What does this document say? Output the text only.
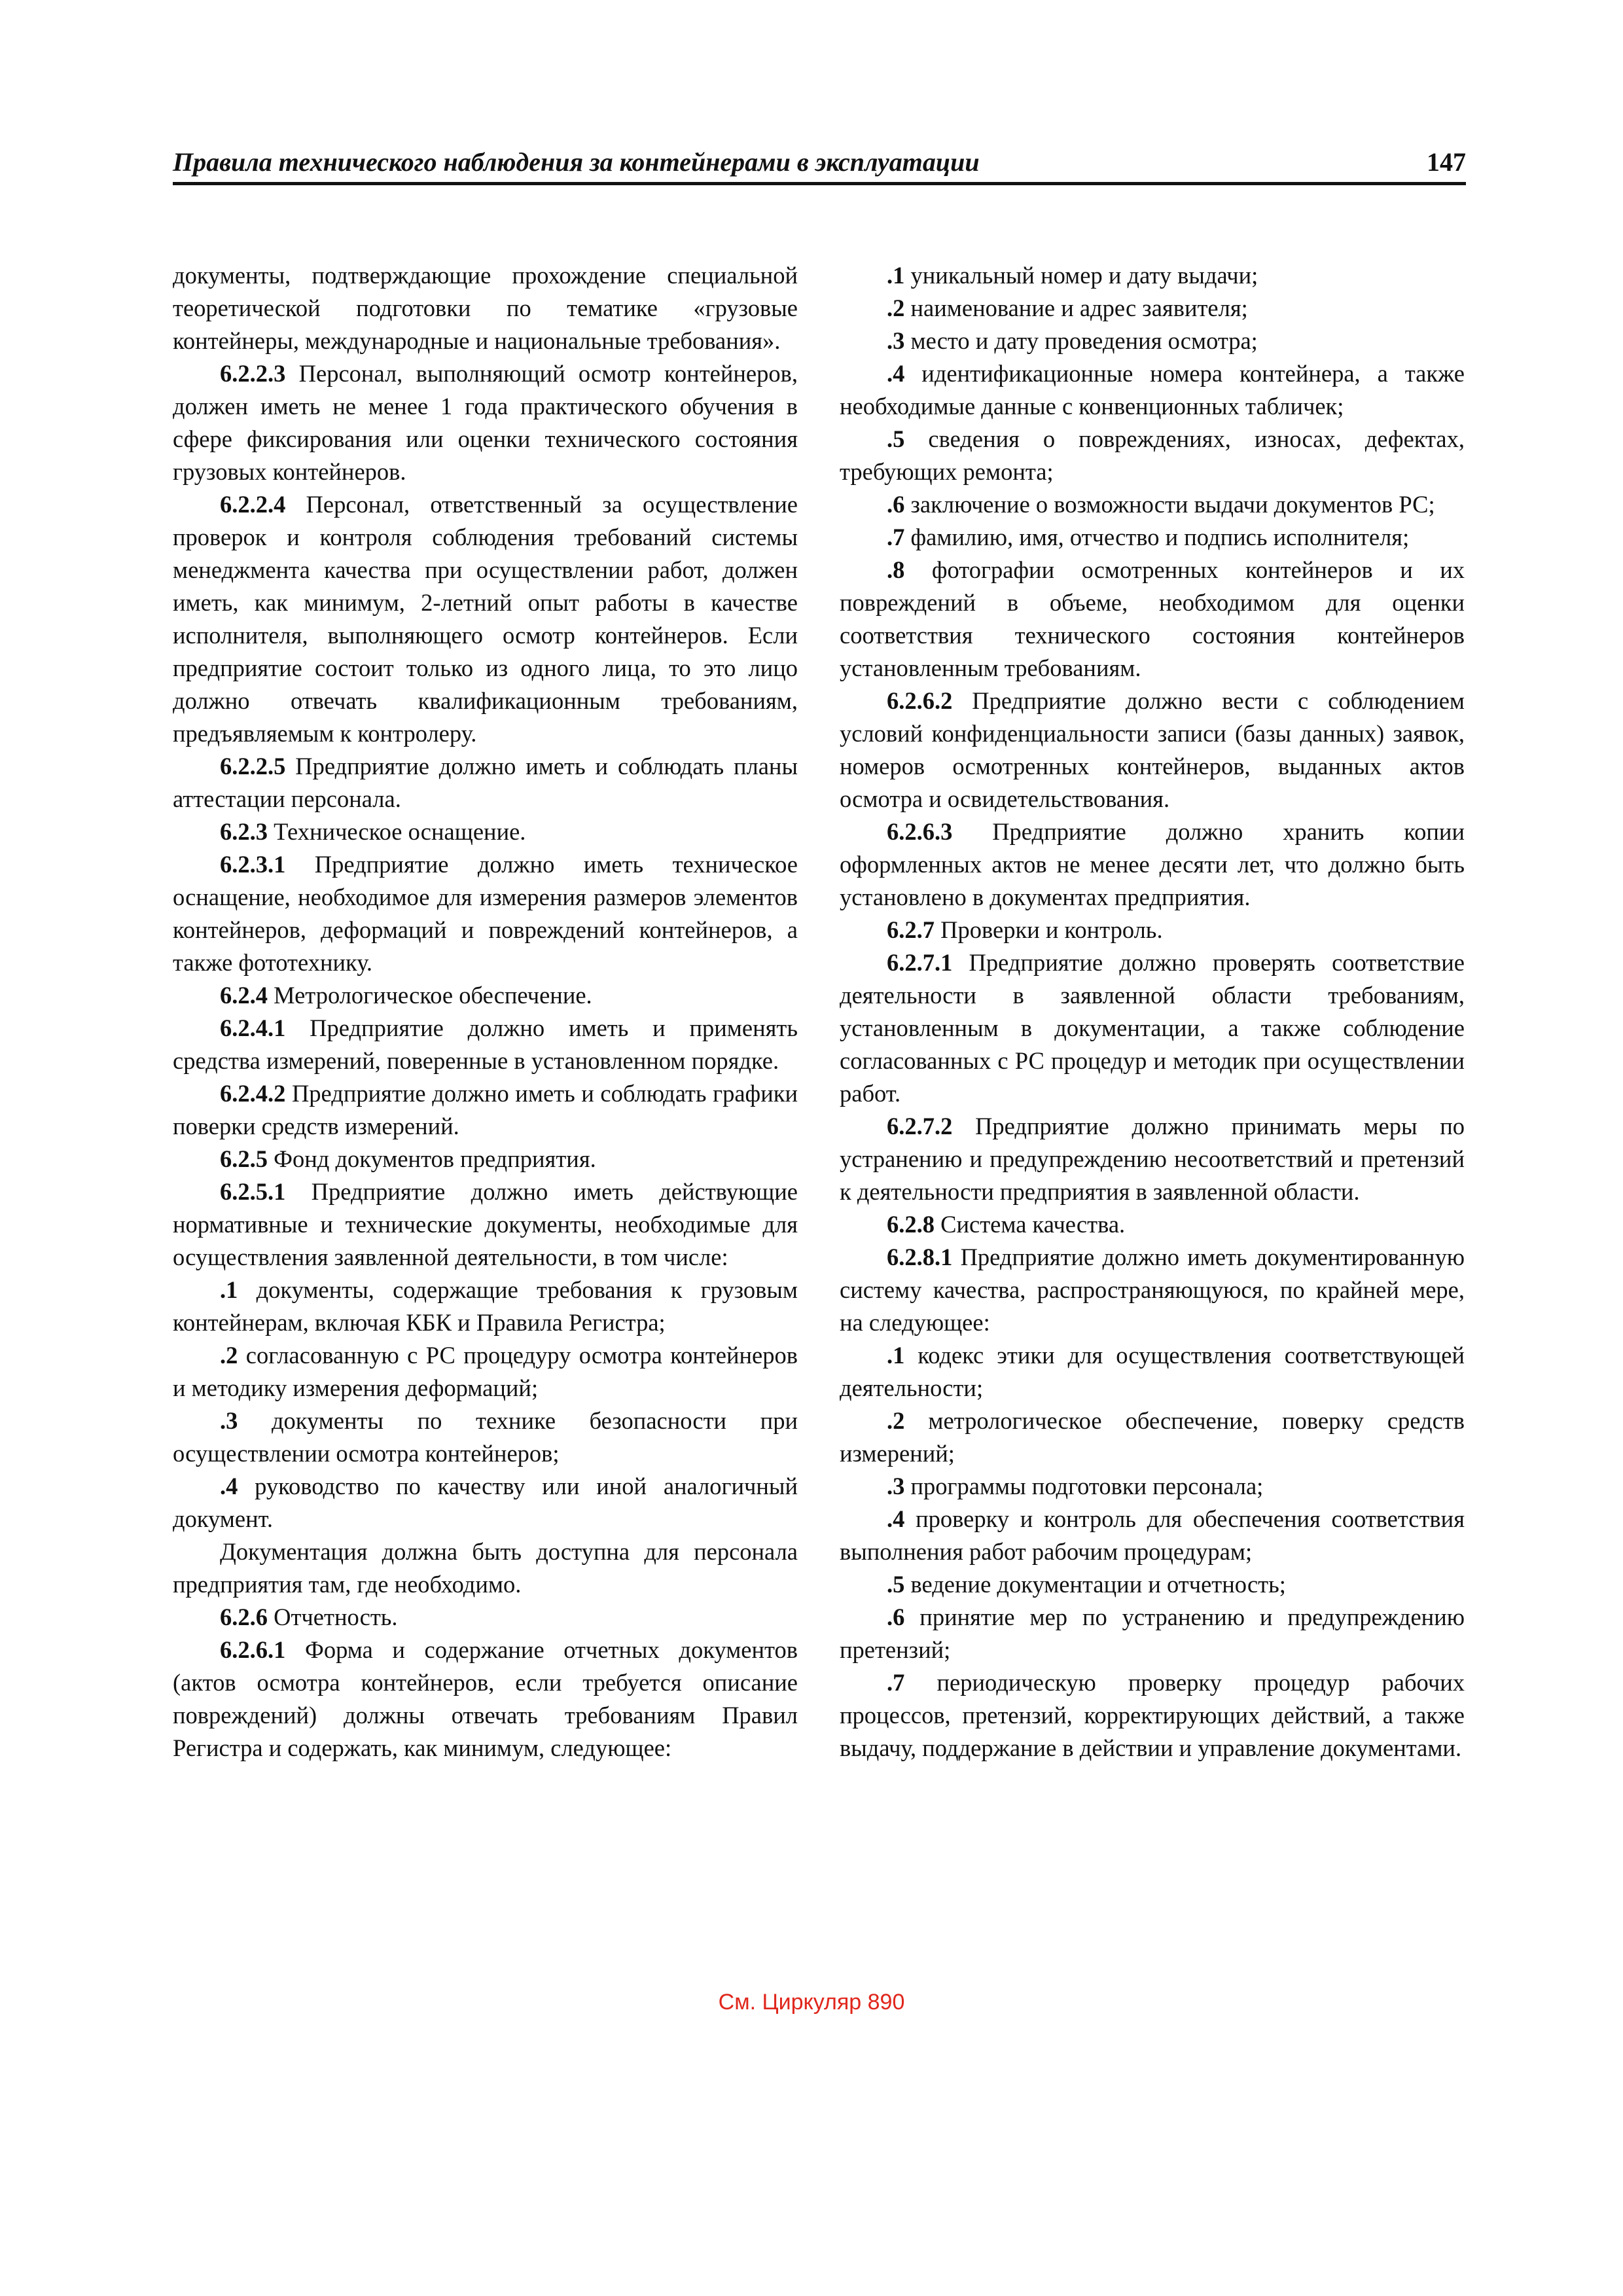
Правила технического наблюдения за контейнерами в эксплуатации	147

документы, подтверждающие прохождение специальной теоретической подготовки по тематике «грузовые контейнеры, международные и национальные требования».

6.2.2.3 Персонал, выполняющий осмотр контейнеров, должен иметь не менее 1 года практического обучения в сфере фиксирования или оценки технического состояния грузовых контейнеров.

6.2.2.4 Персонал, ответственный за осуществление проверок и контроля соблюдения требований системы менеджмента качества при осуществлении работ, должен иметь, как минимум, 2-летний опыт работы в качестве исполнителя, выполняющего осмотр контейнеров. Если предприятие состоит только из одного лица, то это лицо должно отвечать квалификационным требованиям, предъявляемым к контролеру.

6.2.2.5 Предприятие должно иметь и соблюдать планы аттестации персонала.

6.2.3 Техническое оснащение.

6.2.3.1 Предприятие должно иметь техническое оснащение, необходимое для измерения размеров элементов контейнеров, деформаций и повреждений контейнеров, а также фототехнику.

6.2.4 Метрологическое обеспечение.

6.2.4.1 Предприятие должно иметь и применять средства измерений, поверенные в установленном порядке.

6.2.4.2 Предприятие должно иметь и соблюдать графики поверки средств измерений.

6.2.5 Фонд документов предприятия.

6.2.5.1 Предприятие должно иметь действующие нормативные и технические документы, необходимые для осуществления заявленной деятельности, в том числе:

.1 документы, содержащие требования к грузовым контейнерам, включая КБК и Правила Регистра;

.2 согласованную с РС процедуру осмотра контейнеров и методику измерения деформаций;

.3 документы по технике безопасности при осуществлении осмотра контейнеров;

.4 руководство по качеству или иной аналогичный документ.

Документация должна быть доступна для персонала предприятия там, где необходимо.

6.2.6 Отчетность.

6.2.6.1 Форма и содержание отчетных документов (актов осмотра контейнеров, если требуется описание повреждений) должны отвечать требованиям Правил Регистра и содержать, как минимум, следующее:

.1 уникальный номер и дату выдачи;

.2 наименование и адрес заявителя;

.3 место и дату проведения осмотра;

.4 идентификационные номера контейнера, а также необходимые данные с конвенционных табличек;

.5 сведения о повреждениях, износах, дефектах, требующих ремонта;

.6 заключение о возможности выдачи документов РС;

.7 фамилию, имя, отчество и подпись исполнителя;

.8 фотографии осмотренных контейнеров и их повреждений в объеме, необходимом для оценки соответствия технического состояния контейнеров установленным требованиям.

6.2.6.2 Предприятие должно вести с соблюдением условий конфиденциальности записи (базы данных) заявок, номеров осмотренных контейнеров, выданных актов осмотра и освидетельствования.

6.2.6.3 Предприятие должно хранить копии оформленных актов не менее десяти лет, что должно быть установлено в документах предприятия.

6.2.7 Проверки и контроль.

6.2.7.1 Предприятие должно проверять соответствие деятельности в заявленной области требованиям, установленным в документации, а также соблюдение согласованных с РС процедур и методик при осуществлении работ.

6.2.7.2 Предприятие должно принимать меры по устранению и предупреждению несоответствий и претензий к деятельности предприятия в заявленной области.

6.2.8 Система качества.

6.2.8.1 Предприятие должно иметь документированную систему качества, распространяющуюся, по крайней мере, на следующее:

.1 кодекс этики для осуществления соответствующей деятельности;

.2 метрологическое обеспечение, поверку средств измерений;

.3 программы подготовки персонала;

.4 проверку и контроль для обеспечения соответствия выполнения работ рабочим процедурам;

.5 ведение документации и отчетность;

.6 принятие мер по устранению и предупреждению претензий;

.7 периодическую проверку процедур рабочих процессов, претензий, корректирующих действий, а также выдачу, поддержание в действии и управление документами.

См. Циркуляр 890
